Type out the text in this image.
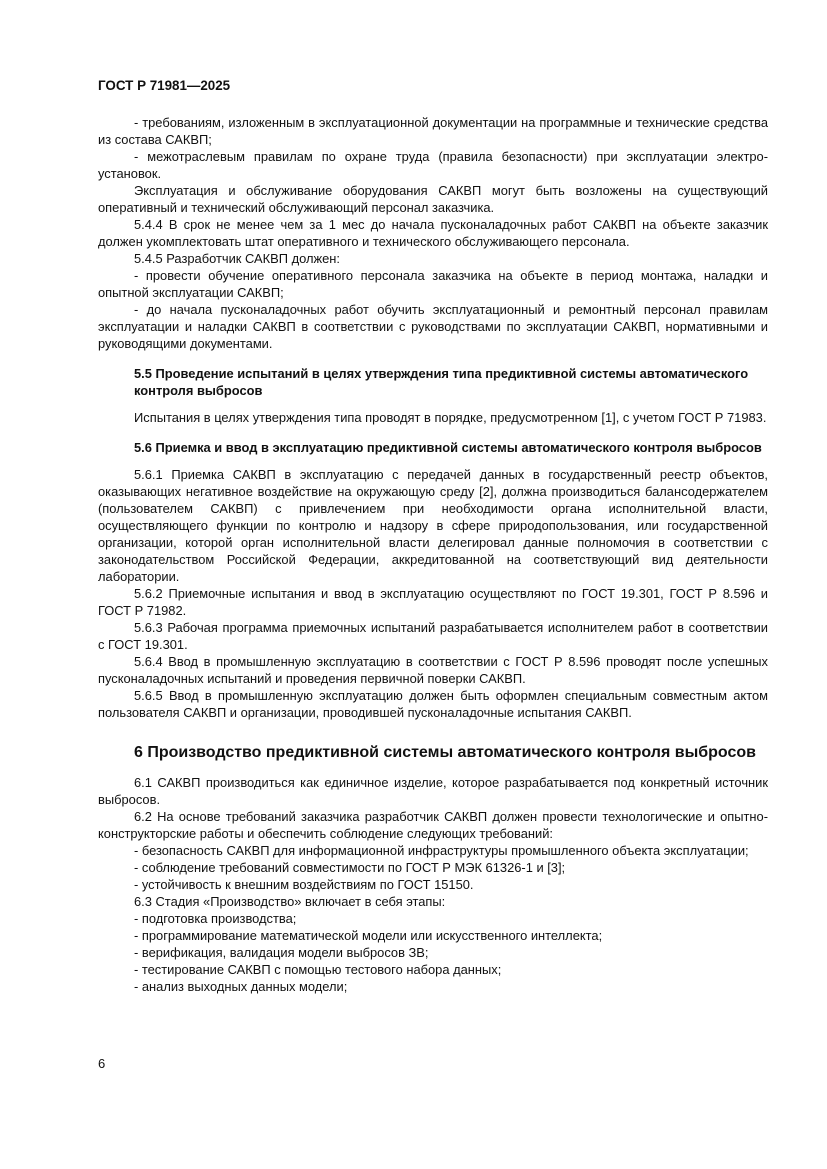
ГОСТ Р 71981—2025

- требованиям, изложенным в эксплуатационной документации на программные и технические средства из состава САКВП;

- межотраслевым правилам по охране труда (правила безопасности) при эксплуатации электроустановок.

Эксплуатация и обслуживание оборудования САКВП могут быть возложены на существующий оперативный и технический обслуживающий персонал заказчика.

5.4.4 В срок не менее чем за 1 мес до начала пусконаладочных работ САКВП на объекте заказчик должен укомплектовать штат оперативного и технического обслуживающего персонала.

5.4.5 Разработчик САКВП должен:

- провести обучение оперативного персонала заказчика на объекте в период монтажа, наладки и опытной эксплуатации САКВП;

- до начала пусконаладочных работ обучить эксплуатационный и ремонтный персонал правилам эксплуатации и наладки САКВП в соответствии с руководствами по эксплуатации САКВП, нормативными и руководящими документами.

5.5 Проведение испытаний в целях утверждения типа предиктивной системы автоматического контроля выбросов

Испытания в целях утверждения типа проводят в порядке, предусмотренном [1], с учетом ГОСТ Р 71983.

5.6 Приемка и ввод в эксплуатацию предиктивной системы автоматического контроля выбросов

5.6.1 Приемка САКВП в эксплуатацию с передачей данных в государственный реестр объектов, оказывающих негативное воздействие на окружающую среду [2], должна производиться балансодержателем (пользователем САКВП) с привлечением при необходимости органа исполнительной власти, осуществляющего функции по контролю и надзору в сфере природопользования, или государственной организации, которой орган исполнительной власти делегировал данные полномочия в соответствии с законодательством Российской Федерации, аккредитованной на соответствующий вид деятельности лаборатории.

5.6.2 Приемочные испытания и ввод в эксплуатацию осуществляют по ГОСТ 19.301, ГОСТ Р 8.596 и ГОСТ Р 71982.

5.6.3 Рабочая программа приемочных испытаний разрабатывается исполнителем работ в соответствии с ГОСТ 19.301.

5.6.4 Ввод в промышленную эксплуатацию в соответствии с ГОСТ Р 8.596 проводят после успешных пусконаладочных испытаний и проведения первичной поверки САКВП.

5.6.5 Ввод в промышленную эксплуатацию должен быть оформлен специальным совместным актом пользователя САКВП и организации, проводившей пусконаладочные испытания САКВП.

6 Производство предиктивной системы автоматического контроля выбросов

6.1 САКВП производиться как единичное изделие, которое разрабатывается под конкретный источник выбросов.

6.2 На основе требований заказчика разработчик САКВП должен провести технологические и опытно-конструкторские работы и обеспечить соблюдение следующих требований:

- безопасность САКВП для информационной инфраструктуры промышленного объекта эксплуатации;

- соблюдение требований совместимости по ГОСТ Р МЭК 61326-1 и [3];

- устойчивость к внешним воздействиям по ГОСТ 15150.

6.3 Стадия «Производство» включает в себя этапы:

- подготовка производства;

- программирование математической модели или искусственного интеллекта;

- верификация, валидация модели выбросов ЗВ;

- тестирование САКВП с помощью тестового набора данных;

- анализ выходных данных модели;

6
